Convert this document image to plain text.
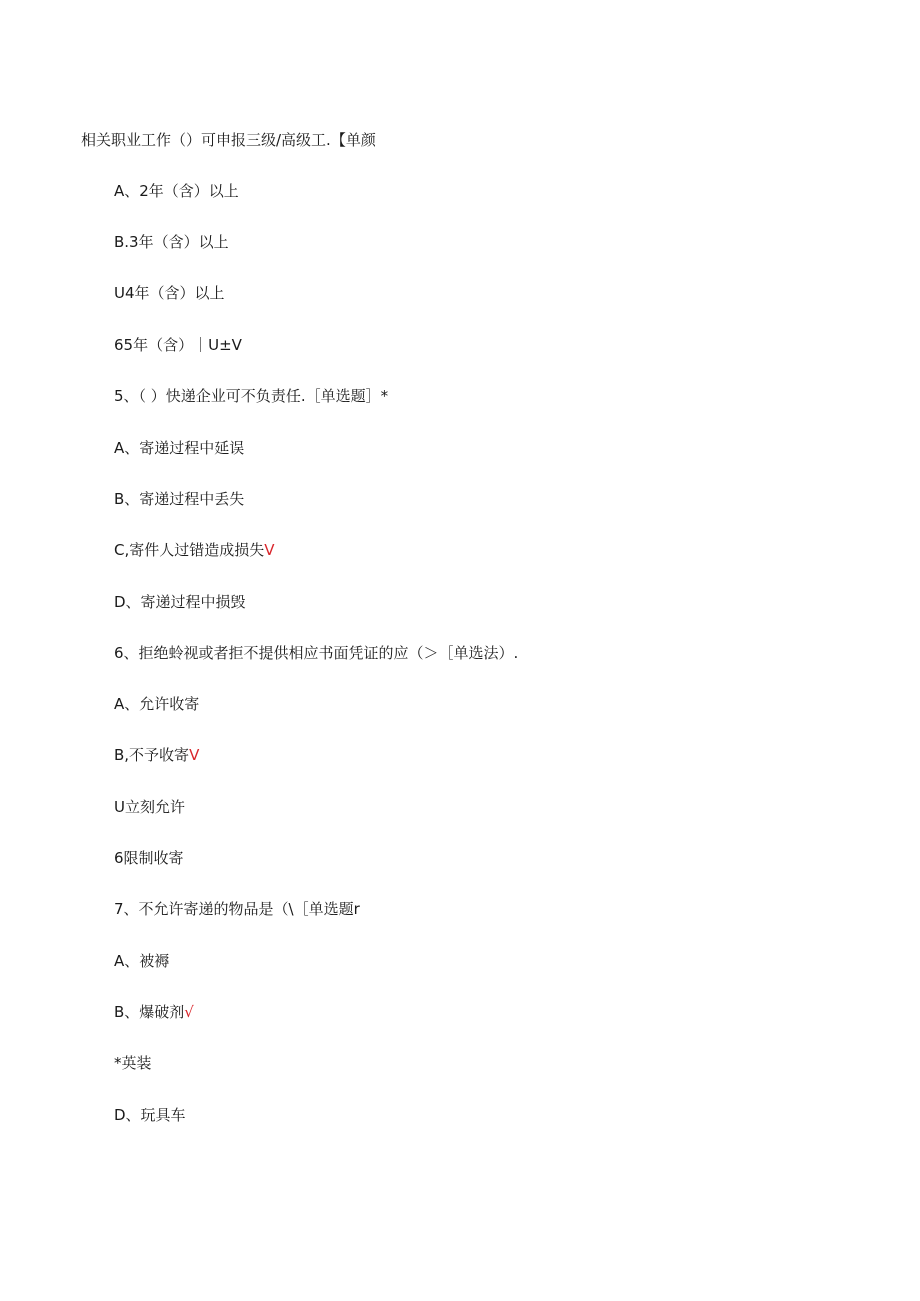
相关职业工作（）可申报三级/高级工.【单颜
A、2年（含）以上
B.3年（含）以上
U4年（含）以上
65年（含）｜U±V
5、（ ）快递企业可不负责任.［单选题］*
A、寄递过程中延误
B、寄递过程中丢失
C,寄件人过错造成损失V
D、寄递过程中损毁
6、拒绝蛉视或者拒不提供相应书面凭证的应（＞［单选法）.
A、允许收寄
B,不予收寄V
U立刻允许
6限制收寄
7、不允许寄递的物品是（\［单选题r
A、被褥
B、爆破剂√
*英装
D、玩具车
